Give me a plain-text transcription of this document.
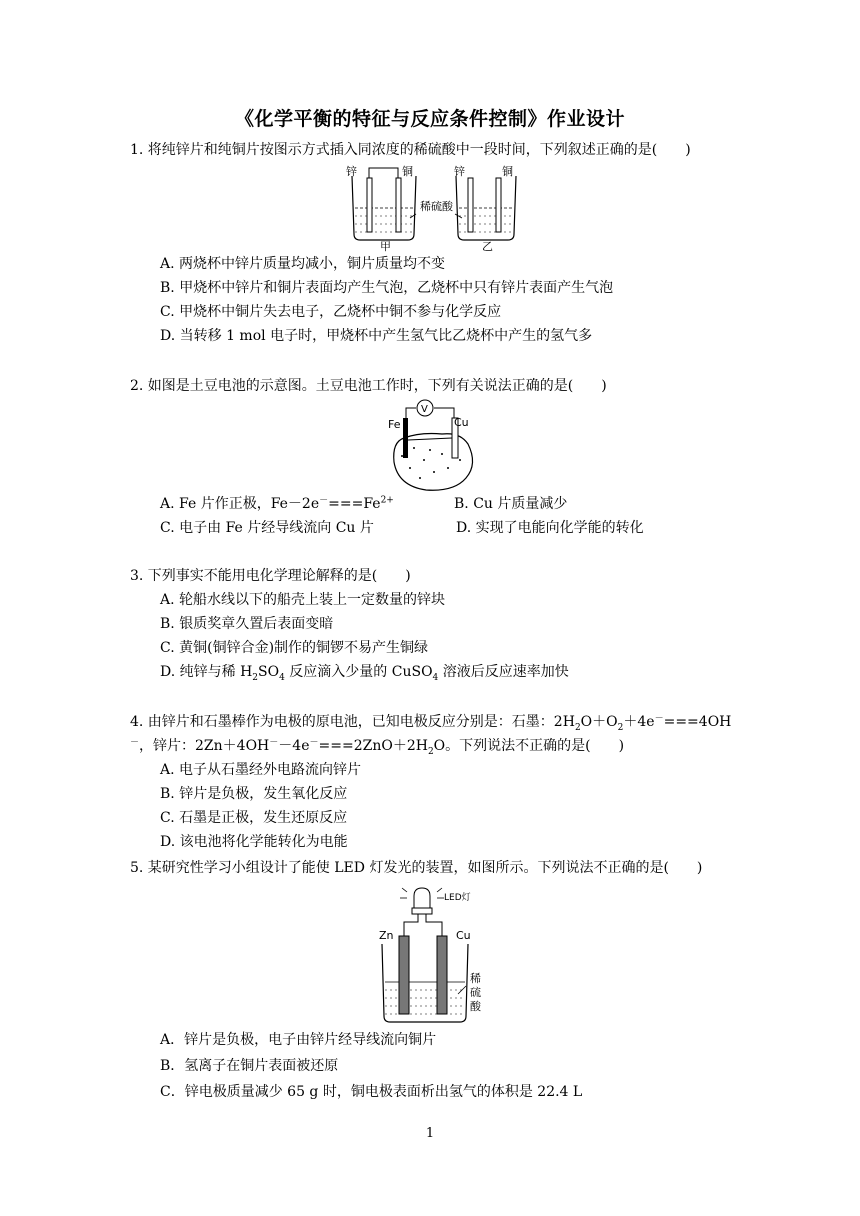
《化学平衡的特征与反应条件控制》作业设计
1. 将纯锌片和纯铜片按图示方式插入同浓度的稀硫酸中一段时间，下列叙述正确的是(　　)
锌	铜
甲
稀硫酸
锌	铜
乙
A. 两烧杯中锌片质量均减小，铜片质量均不变
B. 甲烧杯中锌片和铜片表面均产生气泡，乙烧杯中只有锌片表面产生气泡
C. 甲烧杯中铜片失去电子，乙烧杯中铜不参与化学反应
D. 当转移 1 mol 电子时，甲烧杯中产生氢气比乙烧杯中产生的氢气多
2. 如图是土豆电池的示意图。土豆电池工作时，下列有关说法正确的是(　　)
V
Fe	Cu
A. Fe 片作正极，$Fe-2e^-===Fe^{2+}$	B. Cu 片质量减少
C. 电子由 Fe 片经导线流向 Cu 片	D. 实现了电能向化学能的转化
3. 下列事实不能用电化学理论解释的是(　　)
A. 轮船水线以下的船壳上装上一定数量的锌块
B. 银质奖章久置后表面变暗
C. 黄铜(铜锌合金)制作的铜锣不易产生铜绿
D. 纯锌与稀 $H_2SO_4$ 反应滴入少量的 CuSO$_4$ 溶液后反应速率加快
4. 由锌片和石墨棒作为电极的原电池，已知电极反应分别是：石墨：$2H_2O+O_2+4e^-===4OH$
－，锌片：$2Zn+4OH^--4e^-===2ZnO+2H_2O$。下列说法不正确的是(　　)
A. 电子从石墨经外电路流向锌片
B. 锌片是负极，发生氧化反应
C. 石墨是正极，发生还原反应
D. 该电池将化学能转化为电能
5. 某研究性学习小组设计了能使 LED 灯发光的装置，如图所示。下列说法不正确的是(　　)
LED灯
Zn	Cu
稀
硫
酸
A．锌片是负极，电子由锌片经导线流向铜片
B．氢离子在铜片表面被还原
C．锌电极质量减少 65 g 时，铜电极表面析出氢气的体积是 22.4 L
1
